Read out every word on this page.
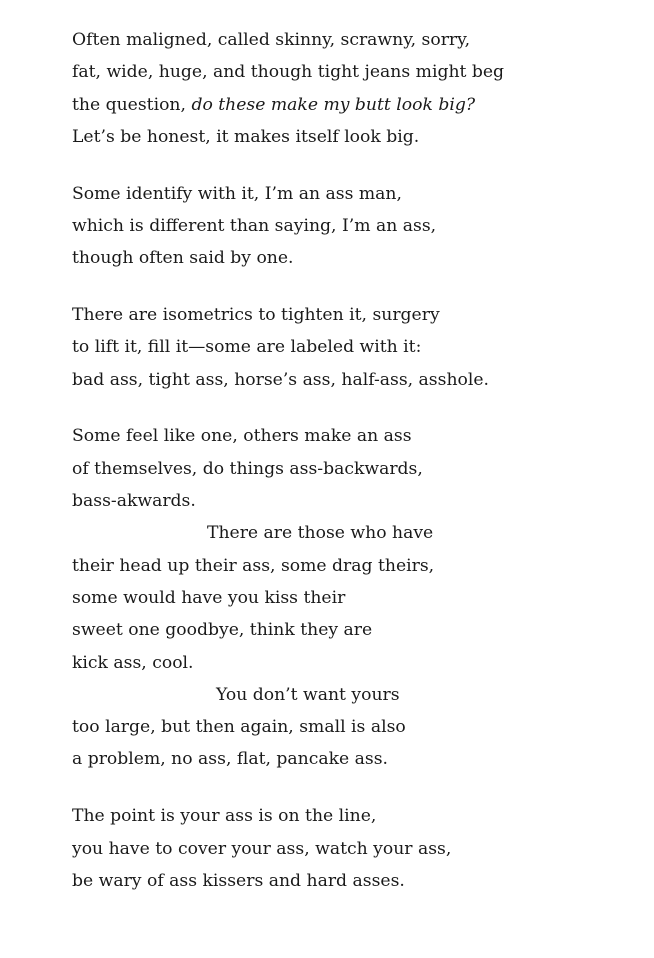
Often maligned, called skinny, scrawny, sorry,
fat, wide, huge, and though tight jeans might beg
the question, do these make my butt look big?
Let’s be honest, it makes itself look big.
Some identify with it, I’m an ass man,
which is different than saying, I’m an ass,
though often said by one.
There are isometrics to tighten it, surgery
to lift it, fill it—some are labeled with it:
bad ass, tight ass, horse’s ass, half-ass, asshole.
Some feel like one, others make an ass
of themselves, do things ass-backwards,
bass-akwards.
There are those who have
their head up their ass, some drag theirs,
some would have you kiss their
sweet one goodbye, think they are
kick ass, cool.
You don’t want yours
too large, but then again, small is also
a problem, no ass, flat, pancake ass.
The point is your ass is on the line,
you have to cover your ass, watch your ass,
be wary of ass kissers and hard asses.
